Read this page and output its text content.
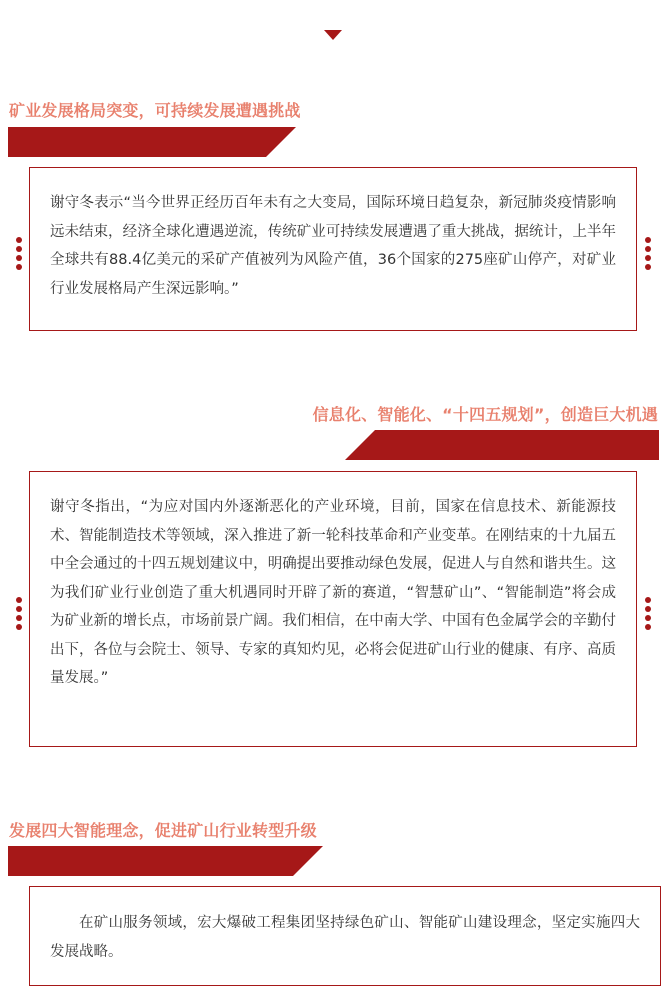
矿业发展格局突变，可持续发展遭遇挑战

谢守冬表示“当今世界正经历百年未有之大变局，国际环境日趋复杂，新冠肺炎疫情影响远未结束，经济全球化遭遇逆流，传统矿业可持续发展遭遇了重大挑战，据统计，上半年全球共有88.4亿美元的采矿产值被列为风险产值，36个国家的275座矿山停产，对矿业行业发展格局产生深远影响。”

信息化、智能化、“十四五规划”，创造巨大机遇

谢守冬指出，“为应对国内外逐渐恶化的产业环境，目前，国家在信息技术、新能源技术、智能制造技术等领域，深入推进了新一轮科技革命和产业变革。在刚结束的十九届五中全会通过的十四五规划建议中，明确提出要推动绿色发展，促进人与自然和谐共生。这为我们矿业行业创造了重大机遇同时开辟了新的赛道，“智慧矿山”、“智能制造”将会成为矿业新的增长点，市场前景广阔。我们相信，在中南大学、中国有色金属学会的辛勤付出下，各位与会院士、领导、专家的真知灼见，必将会促进矿山行业的健康、有序、高质量发展。”

发展四大智能理念，促进矿山行业转型升级

在矿山服务领域，宏大爆破工程集团坚持绿色矿山、智能矿山建设理念，坚定实施四大发展战略。
